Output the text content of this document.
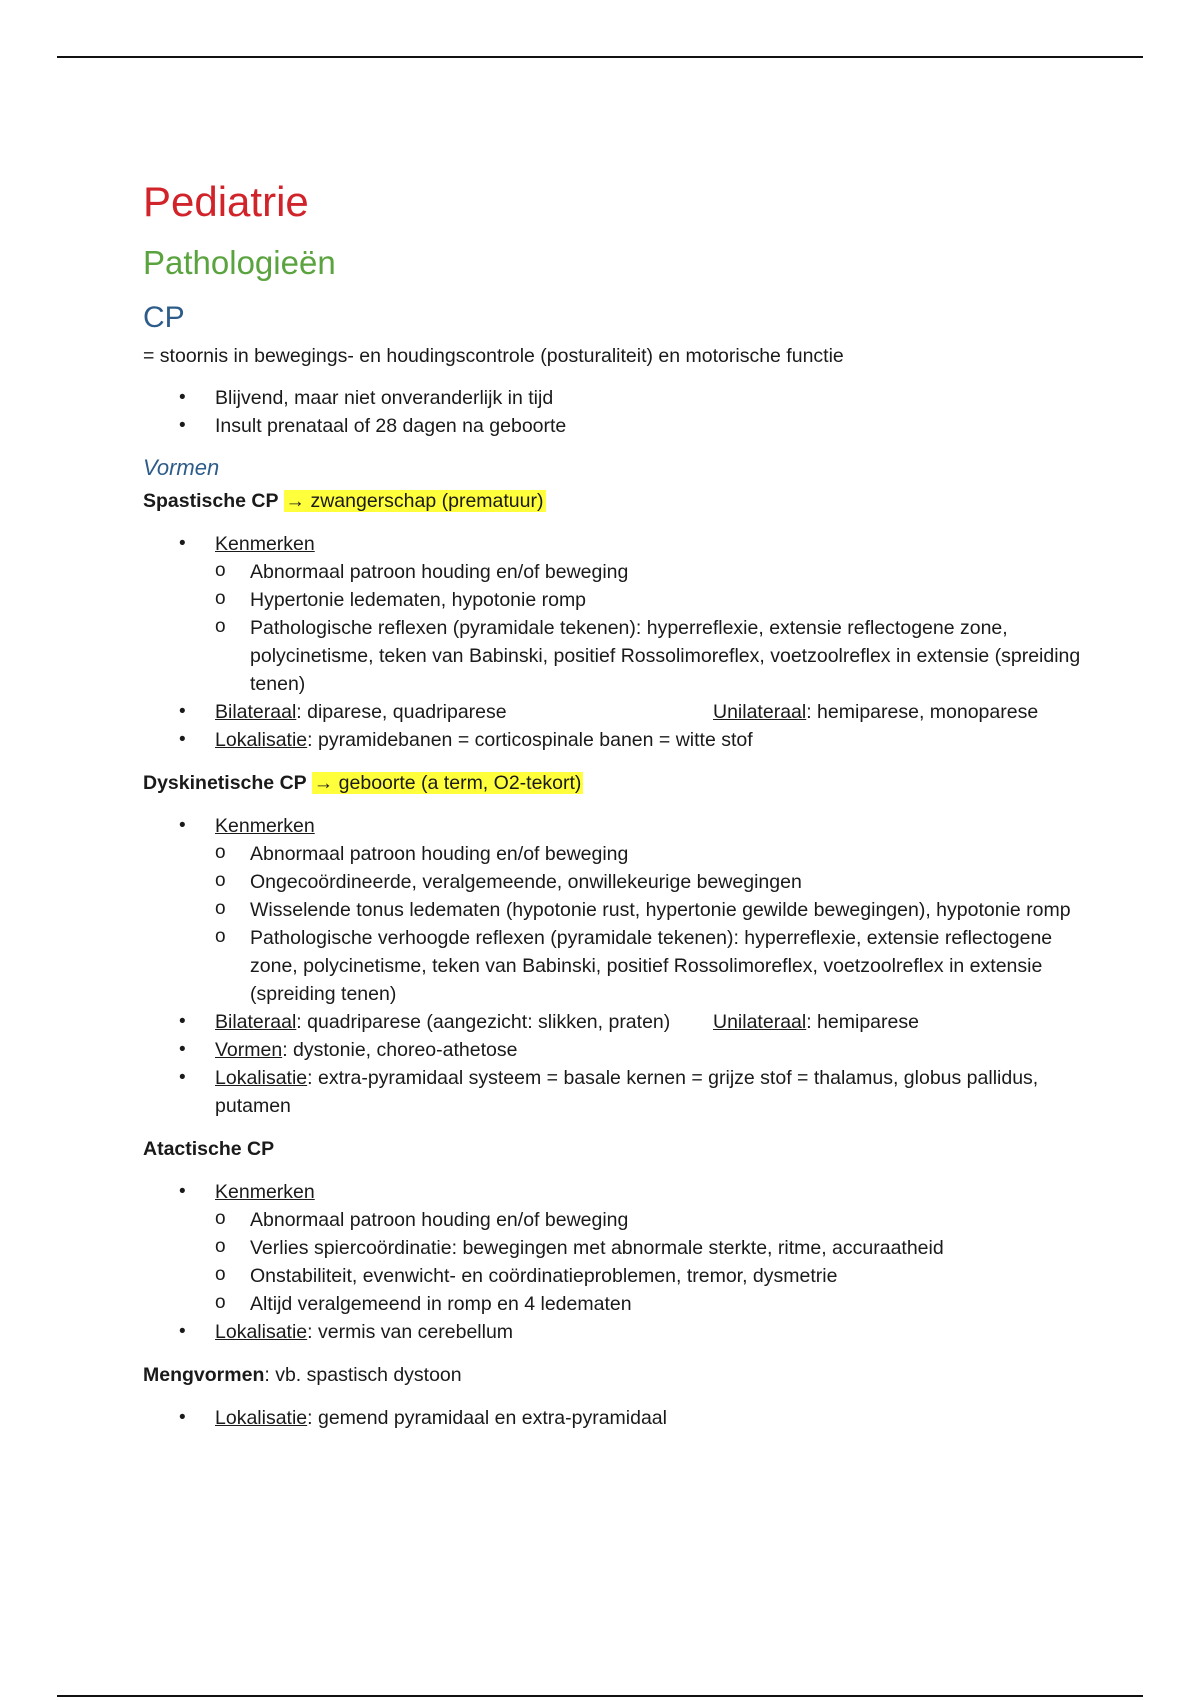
Pediatrie
Pathologieën
CP

= stoornis in bewegings- en houdingscontrole (posturaliteit) en motorische functie

• Blijvend, maar niet onveranderlijk in tijd
• Insult prenataal of 28 dagen na geboorte
Vormen
Spastische CP → zwangerschap (prematuur)
• Kenmerken
o Abnormaal patroon houding en/of beweging
o Hypertonie ledematen, hypotonie romp
o Pathologische reflexen (pyramidale tekenen): hyperreflexie, extensie reflectogene zone, polycinetisme, teken van Babinski, positief Rossolimoreflex, voetzoolreflex in extensie (spreiding tenen)
• Bilateraal: diparese, quadriparese	Unilateraal: hemiparese, monoparese
• Lokalisatie: pyramidebanen = corticospinale banen = witte stof
Dyskinetische CP → geboorte (a term, O2-tekort)
• Kenmerken
o Abnormaal patroon houding en/of beweging
o Ongecoördineerde, veralgemeende, onwillekeurige bewegingen
o Wisselende tonus ledematen (hypotonie rust, hypertonie gewilde bewegingen), hypotonie romp
o Pathologische verhoogde reflexen (pyramidale tekenen): hyperreflexie, extensie reflectogene zone, polycinetisme, teken van Babinski, positief Rossolimoreflex, voetzoolreflex in extensie (spreiding tenen)
• Bilateraal: quadriparese (aangezicht: slikken, praten)	Unilateraal: hemiparese
• Vormen: dystonie, choreo-athetose
• Lokalisatie: extra-pyramidaal systeem = basale kernen = grijze stof = thalamus, globus pallidus, putamen
Atactische CP
• Kenmerken
o Abnormaal patroon houding en/of beweging
o Verlies spiercoördinatie: bewegingen met abnormale sterkte, ritme, accuraatheid
o Onstabiliteit, evenwicht- en coördinatieproblemen, tremor, dysmetrie
o Altijd veralgemeend in romp en 4 ledematen
• Lokalisatie: vermis van cerebellum
Mengvormen: vb. spastisch dystoon
• Lokalisatie: gemend pyramidaal en extra-pyramidaal
